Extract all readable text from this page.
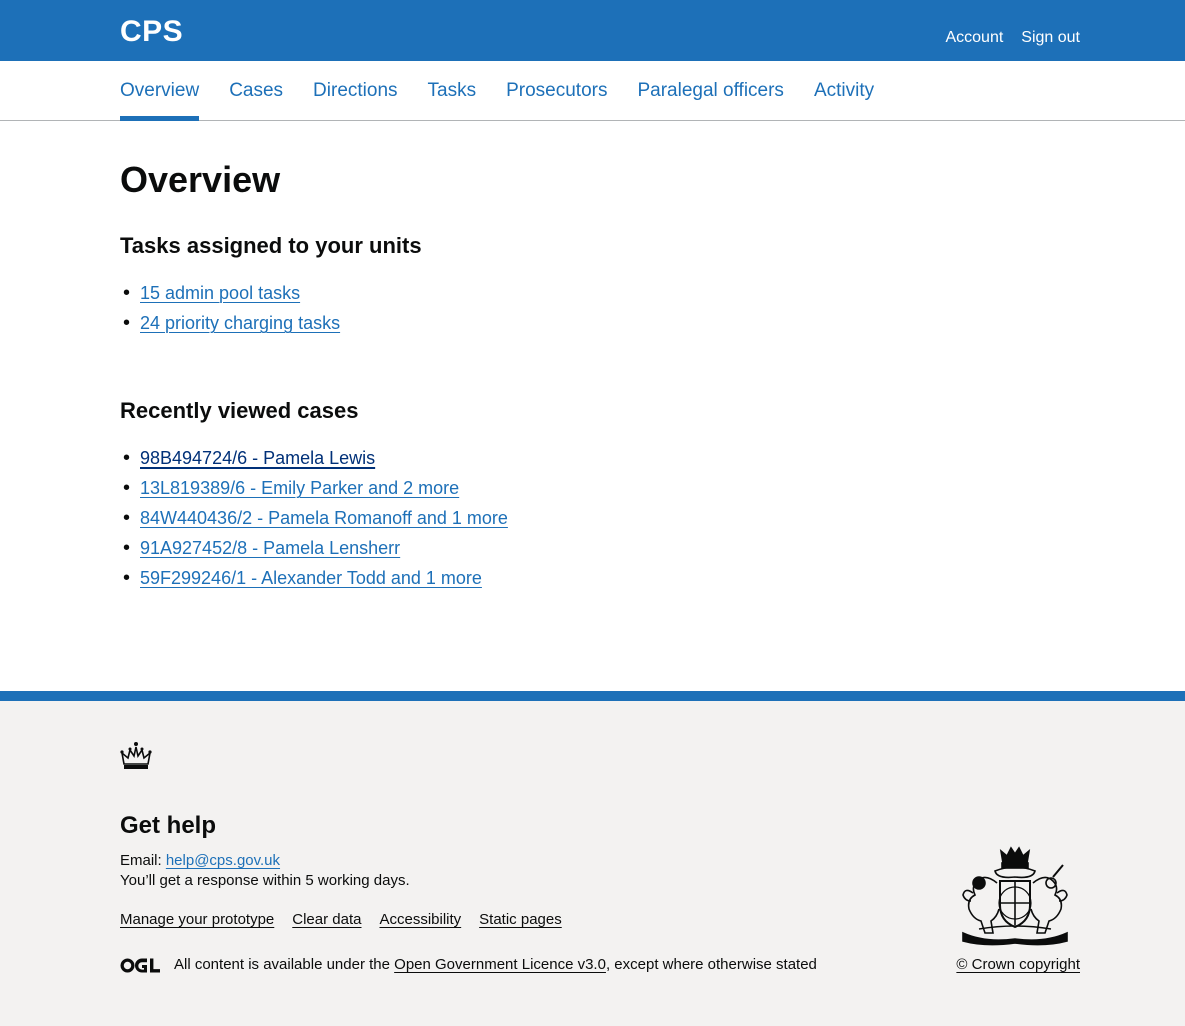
CPS	Account Sign out
Overview Cases Directions Tasks Prosecutors Paralegal officers Activity
Overview
Tasks assigned to your units
• 15 admin pool tasks
• 24 priority charging tasks
Recently viewed cases
• 98B494724/6 - Pamela Lewis
• 13L819389/6 - Emily Parker and 2 more
• 84W440436/2 - Pamela Romanoff and 1 more
• 91A927452/8 - Pamela Lensherr
• 59F299246/1 - Alexander Todd and 1 more
Get help
Email: help@cps.gov.uk
You’ll get a response within 5 working days.
Manage your prototype Clear data Accessibility Static pages
All content is available under the
Open Government Licence v3.0 , except where otherwise stated	© Crown copyright
